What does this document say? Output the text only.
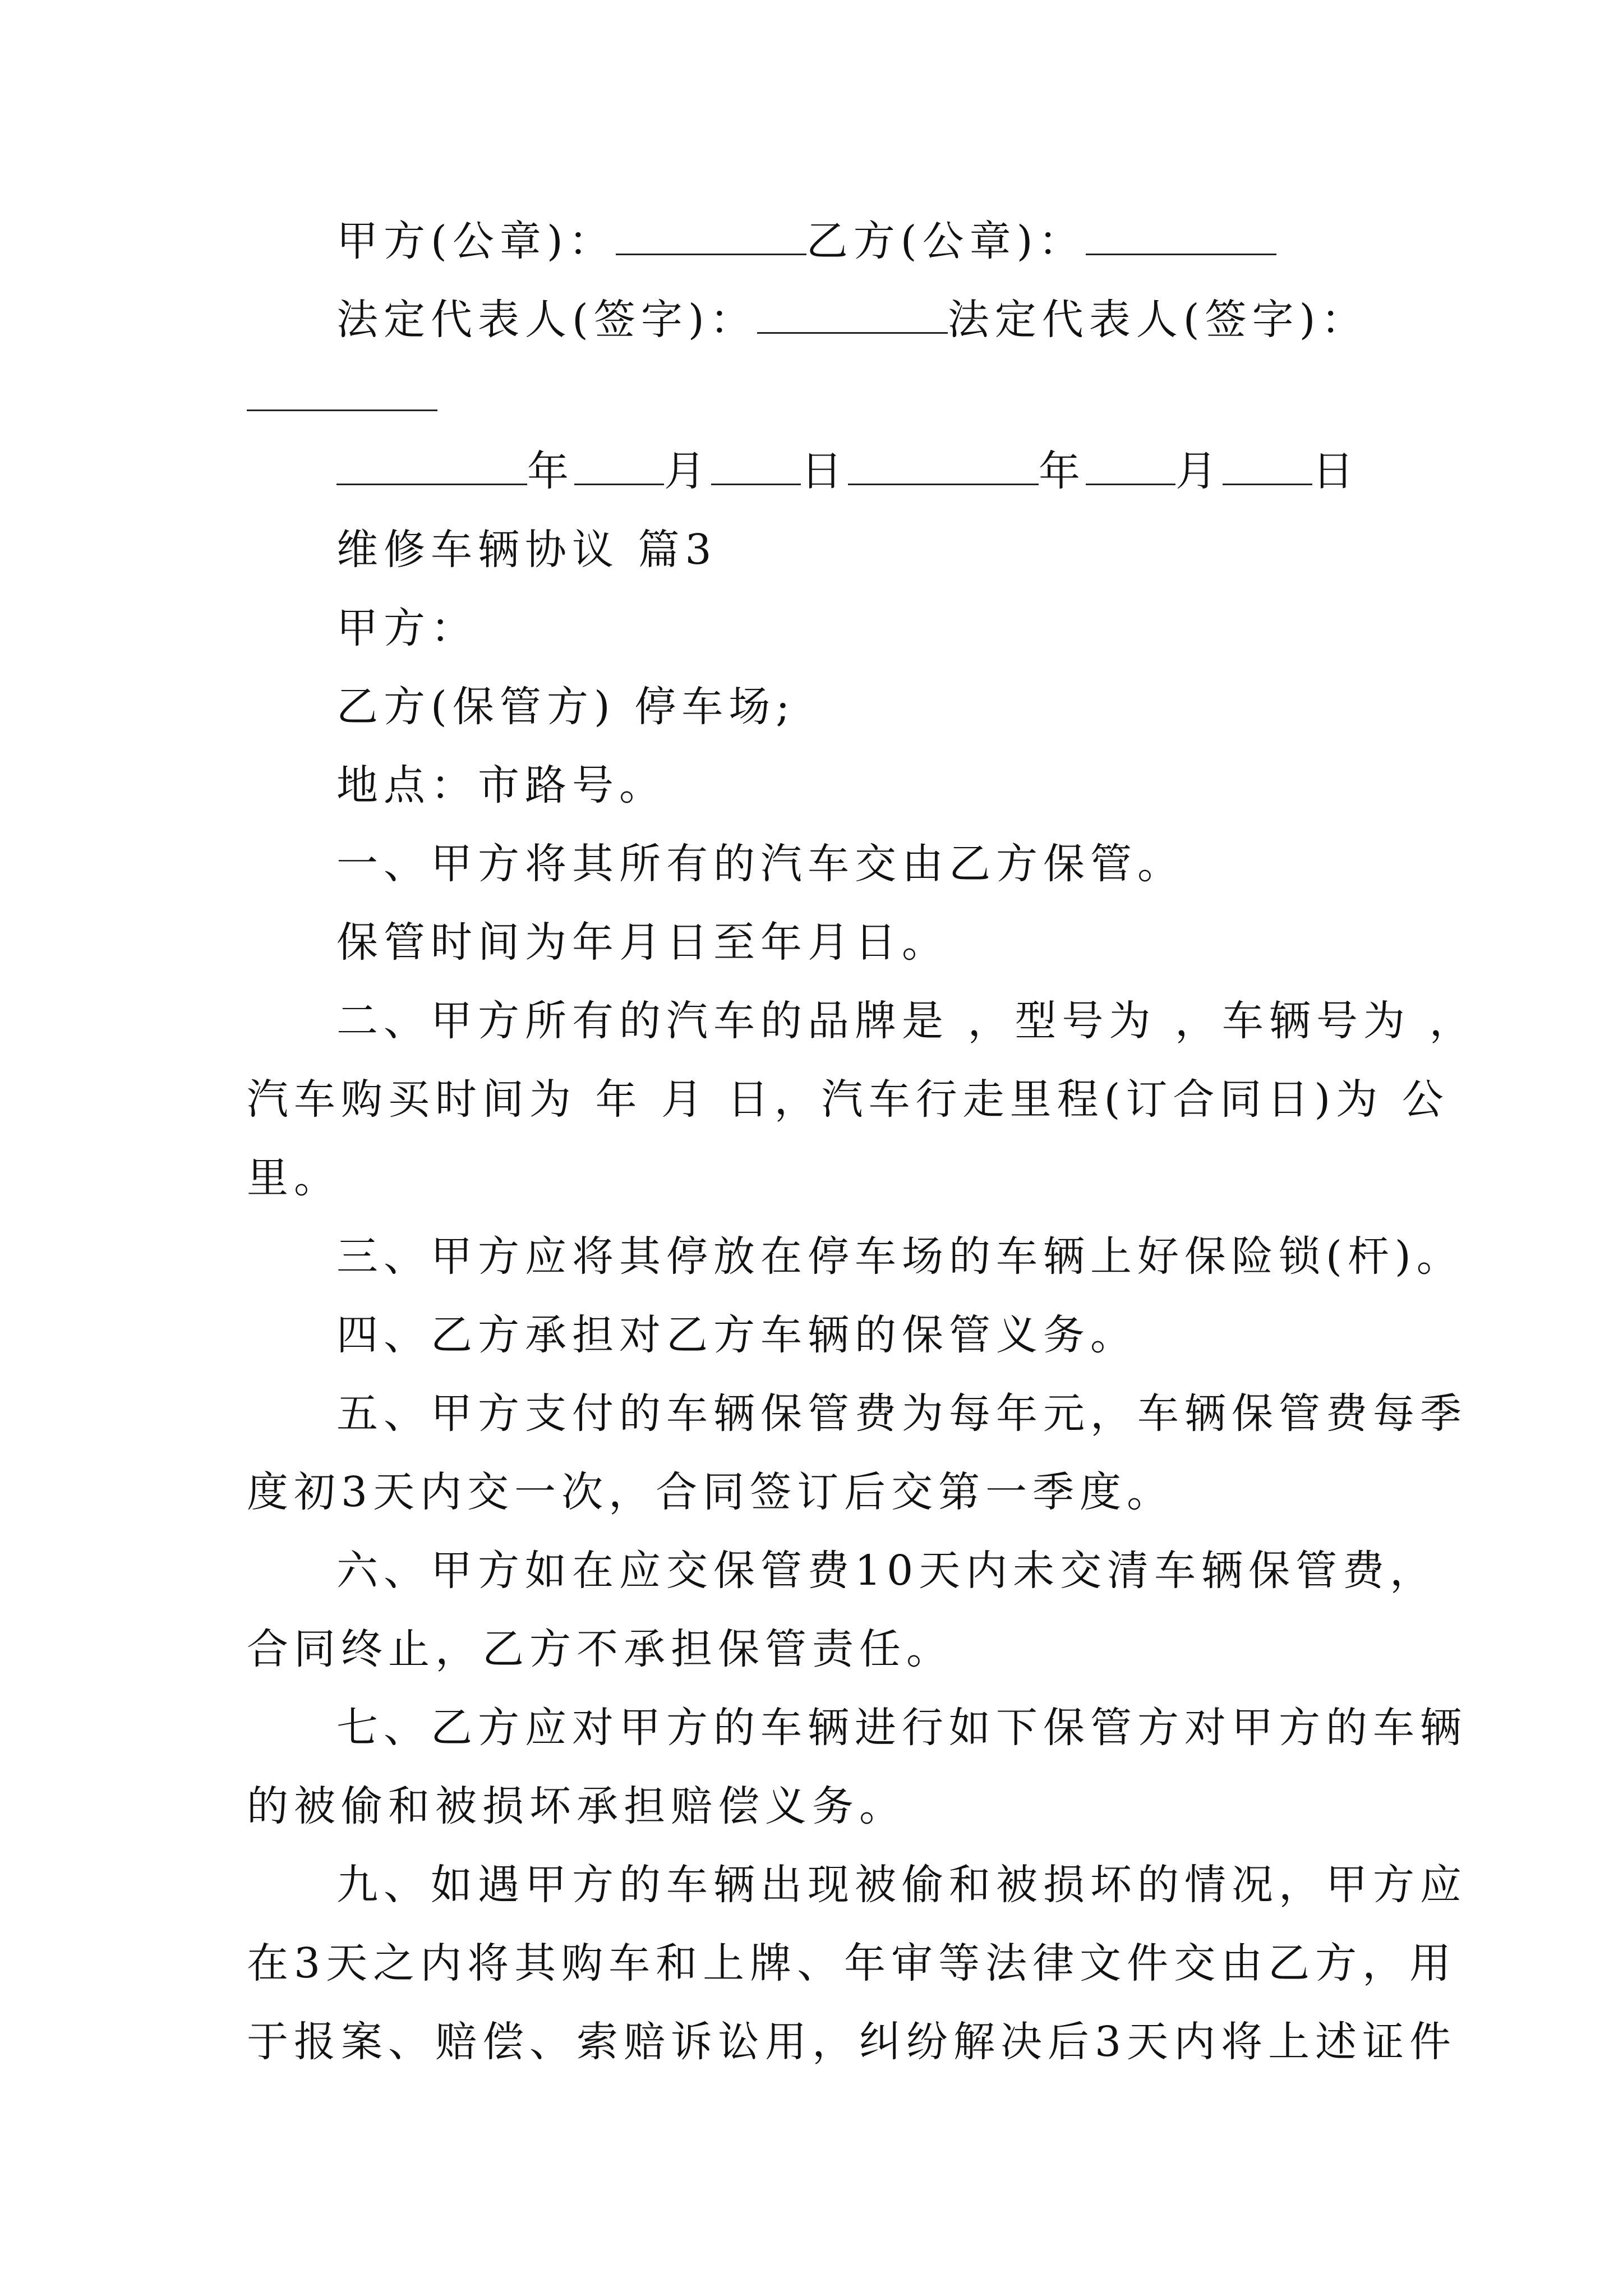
甲方(公章)：	乙方(公章)：
法定代表人(签字)：	法定代表人(签字)：
年 月 日	年 月 日
维修车辆协议 篇3
甲方：
乙方(保管方) 停车场;
地点：市路号。
一、甲方将其所有的汽车交由乙方保管。
保管时间为年月日至年月日。
二、甲方所有的汽车的品牌是 ，型号为 ，车辆号为 ，
汽车购买时间为 年 月 日，汽车行走里程(订合同日)为 公
里。
三、甲方应将其停放在停车场的车辆上好保险锁(杆)。
四、乙方承担对乙方车辆的保管义务。
五、甲方支付的车辆保管费为每年元，车辆保管费每季
度初3天内交一次，合同签订后交第一季度。
六、甲方如在应交保管费10天内未交清车辆保管费，
合同终止，乙方不承担保管责任。
七、乙方应对甲方的车辆进行如下保管方对甲方的车辆
的被偷和被损坏承担赔偿义务。
九、如遇甲方的车辆出现被偷和被损坏的情况，甲方应
在3天之内将其购车和上牌、年审等法律文件交由乙方，用
于报案、赔偿、索赔诉讼用，纠纷解决后3天内将上述证件
